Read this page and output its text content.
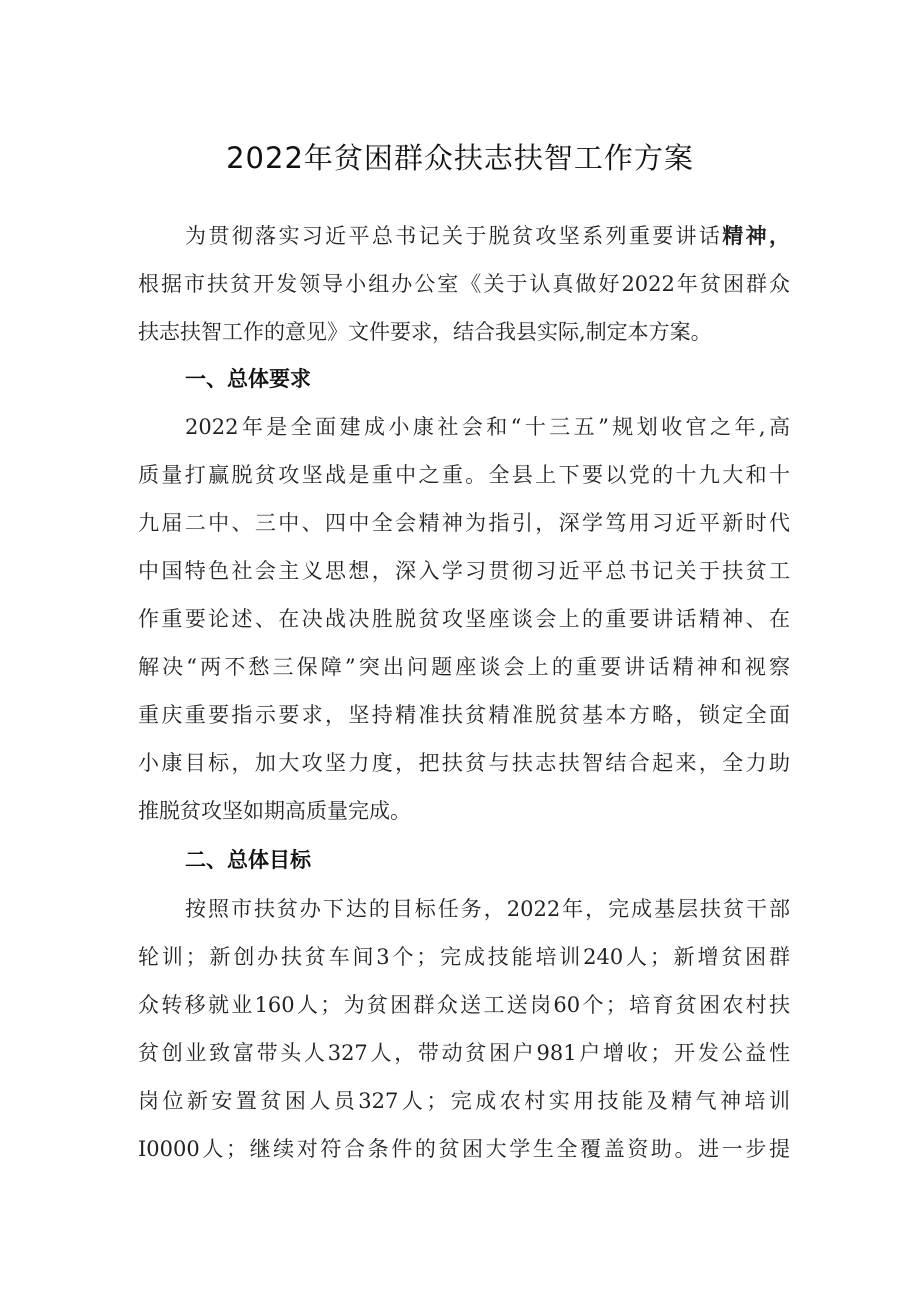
2022年贫困群众扶志扶智工作方案
为贯彻落实习近平总书记关于脱贫攻坚系列重要讲话精神，
根据市扶贫开发领导小组办公室《关于认真做好2022年贫困群众
扶志扶智工作的意见》文件要求，结合我县实际,制定本方案。
一、总体要求
2022年是全面建成小康社会和“十三五”规划收官之年,高
质量打赢脱贫攻坚战是重中之重。全县上下要以党的十九大和十
九届二中、三中、四中全会精神为指引，深学笃用习近平新时代
中国特色社会主义思想，深入学习贯彻习近平总书记关于扶贫工
作重要论述、在决战决胜脱贫攻坚座谈会上的重要讲话精神、在
解决“两不愁三保障”突出问题座谈会上的重要讲话精神和视察
重庆重要指示要求，坚持精准扶贫精准脱贫基本方略，锁定全面
小康目标，加大攻坚力度，把扶贫与扶志扶智结合起来，全力助
推脱贫攻坚如期高质量完成。
二、总体目标
按照市扶贫办下达的目标任务，2022年，完成基层扶贫干部
轮训；新创办扶贫车间3个；完成技能培训240人；新增贫困群
众转移就业160人；为贫困群众送工送岗60个；培育贫困农村扶
贫创业致富带头人327人，带动贫困户981户增收；开发公益性
岗位新安置贫困人员327人；完成农村实用技能及精气神培训
I0000人；继续对符合条件的贫困大学生全覆盖资助。进一步提
